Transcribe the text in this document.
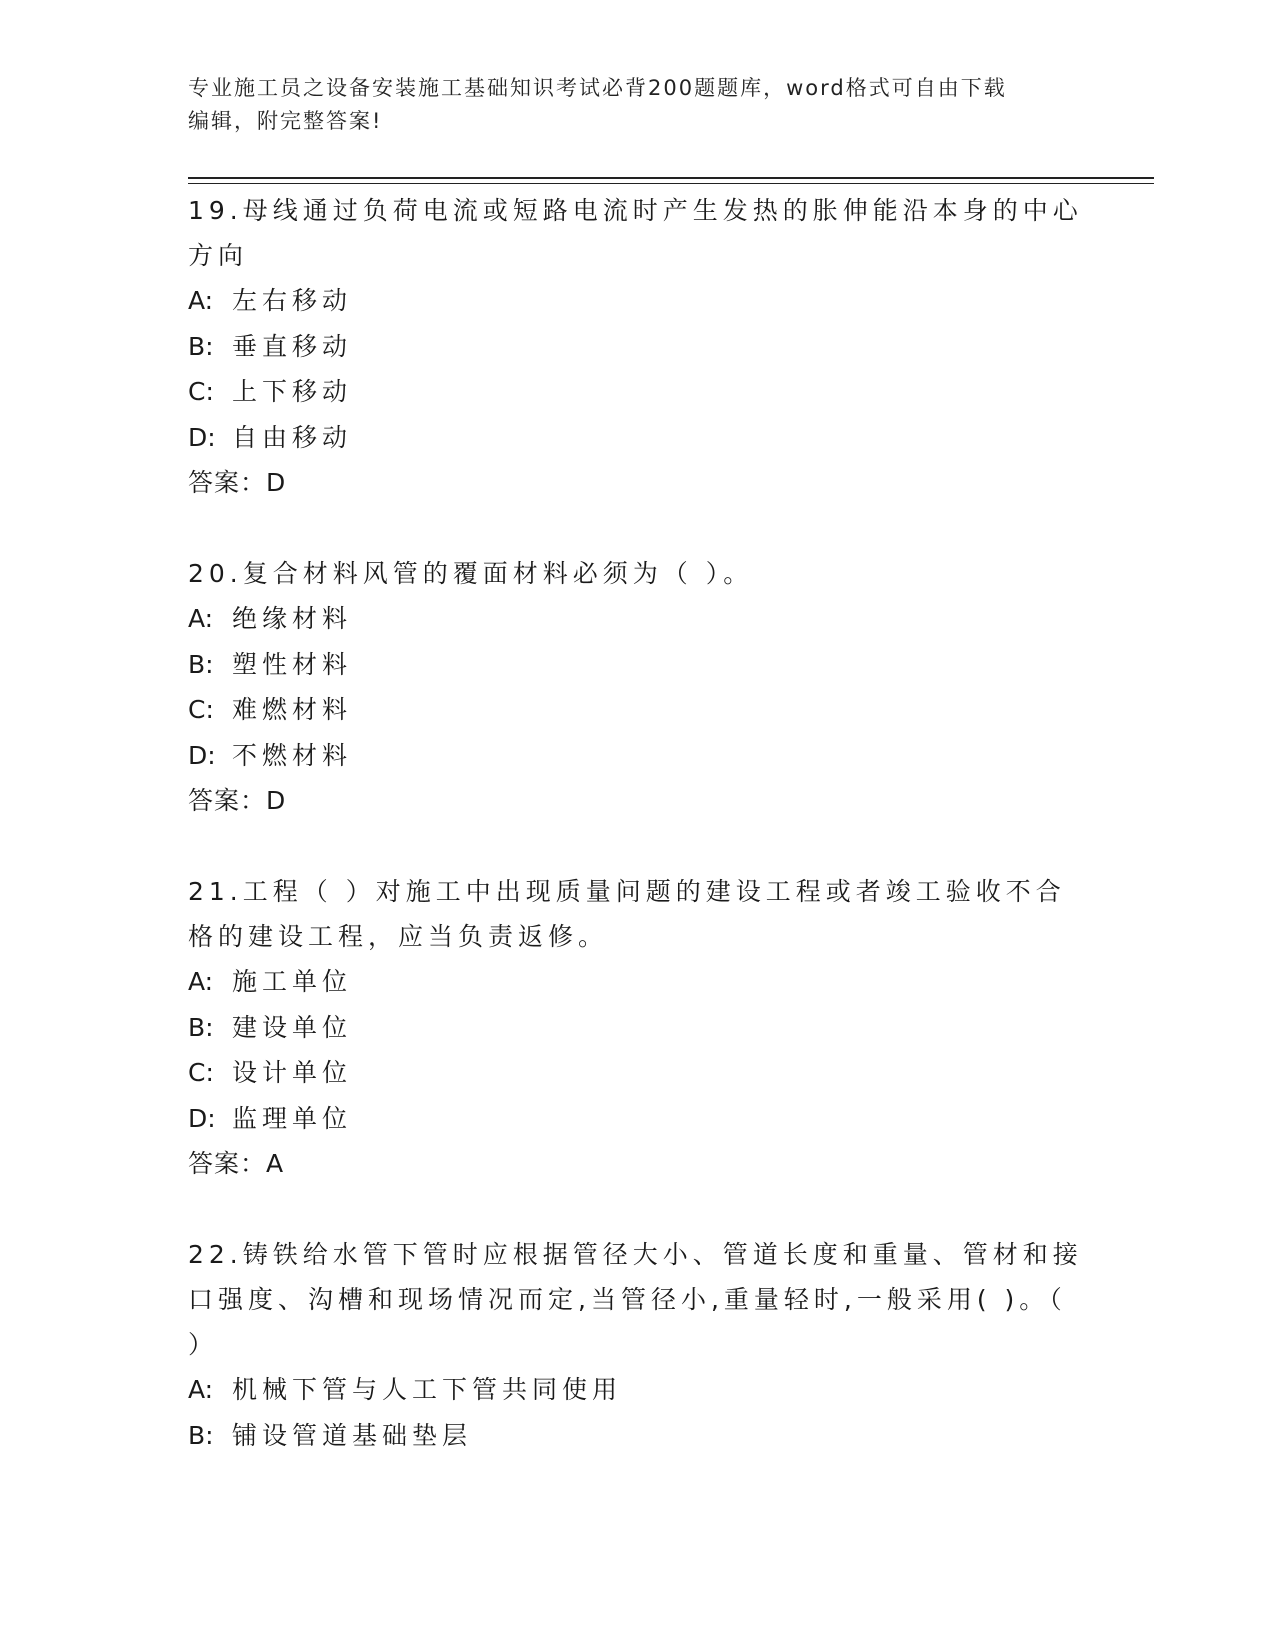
专业施工员之设备安装施工基础知识考试必背200题题库，word格式可自由下载
编辑，附完整答案!

19.母线通过负荷电流或短路电流时产生发热的胀伸能沿本身的中心方向

A: 左右移动
B: 垂直移动
C: 上下移动
D: 自由移动

答案：D

20.复合材料风管的覆面材料必须为（ ）。

A: 绝缘材料
B: 塑性材料
C: 难燃材料
D: 不燃材料

答案：D

21.工程（ ）对施工中出现质量问题的建设工程或者竣工验收不合格的建设工程，应当负责返修。

A: 施工单位
B: 建设单位
C: 设计单位
D: 监理单位

答案：A

22.铸铁给水管下管时应根据管径大小、管道长度和重量、管材和接口强度、沟槽和现场情况而定,当管径小,重量轻时,一般采用( )。（ ）

A: 机械下管与人工下管共同使用
B: 铺设管道基础垫层
